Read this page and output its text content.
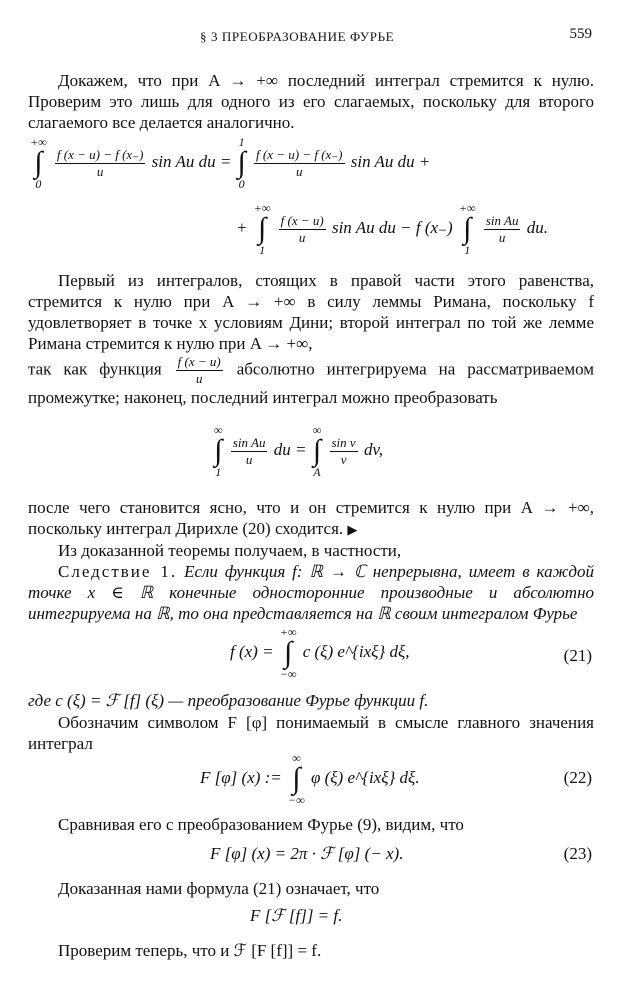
§ 3 ПРЕОБРАЗОВАНИЕ ФУРЬЕ	559

Докажем, что при A → +∞ последний интеграл стремится к нулю. Проверим это лишь для одного из его слагаемых, поскольку для второго слагаемого все делается аналогично.

+∞
∫
0

$\frac{f (x - u) - f (x_-)}{u}$ sin Au du =
1
∫
0

$\frac{f (x - u) - f (x_-)}{u}$ sin Au du +
+
+∞
∫
1

$\frac{f (x - u)}{u}$ sin Au du − f (x₋)
+∞
∫
1

$\frac{\text{sin Au}}{u}$ du.

Первый из интегралов, стоящих в правой части этого равенства, стремится к нулю при A → +∞ в силу леммы Римана, поскольку f удовлетворяет в точке x условиям Дини; второй интеграл по той же лемме Римана стремится к нулю при A → +∞,

так как функция $\frac{f (x - u)}{u}$ абсолютно интегрируема на рассматриваемом промежутке; наконец, последний интеграл можно преобразовать
∞
∫
1

$\frac{\text{sin Au}}{u}$ du =
∞
∫
A

$\frac{\text{sin v}}{v}$ dv,

после чего становится ясно, что и он стремится к нулю при A → +∞, поскольку интеграл Дирихле (20) сходится. ▶

Из доказанной теоремы получаем, в частности,

Следствие 1. Если функция f: ℝ → ℂ непрерывна, имеет в каждой точке x ∈ ℝ конечные односторонние производные и абсолютно интегрируема на ℝ, то она представляется на ℝ своим интегралом Фурье

f (x) =
+∞
∫
−∞
c (ξ) e^{ixξ} dξ,	(21)

где c (ξ) = ℱ [f] (ξ) — преобразование Фурье функции f.

Обозначим символом F [φ] понимаемый в смысле главного значения интеграл

F [φ] (x) :=
∞
∫
−∞
φ (ξ) e^{ixξ} dξ.	(22)

Сравнивая его с преобразованием Фурье (9), видим, что

F [φ] (x) = 2π · ℱ [φ] (− x).	(23)

Доказанная нами формула (21) означает, что

F [ℱ [f]] = f.

Проверим теперь, что и ℱ [F [f]] = f.
